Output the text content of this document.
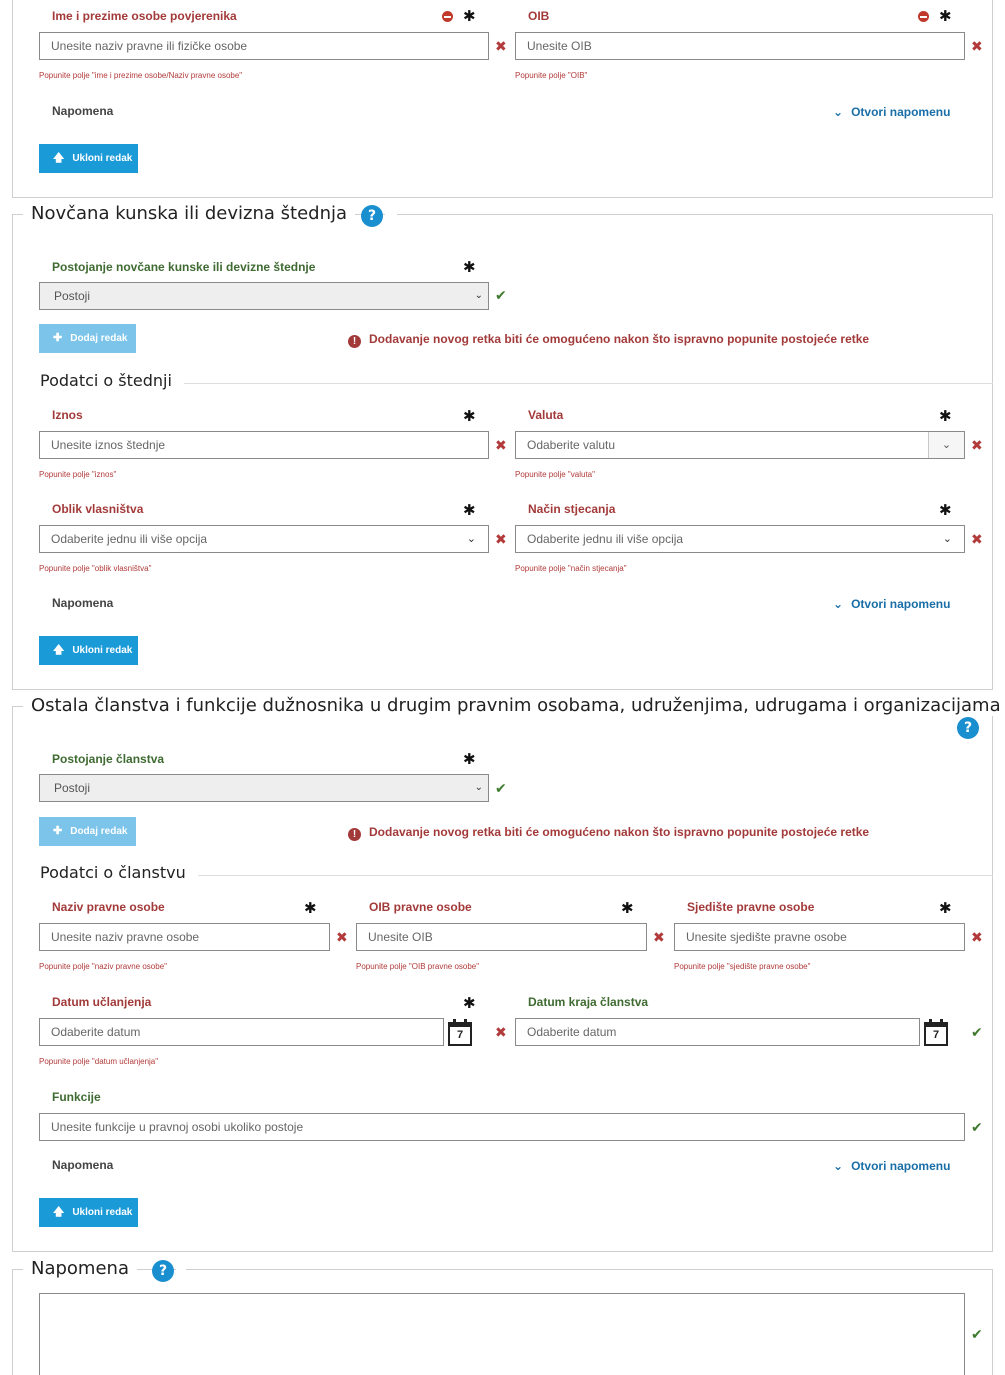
Ime i prezime osobe povjerenika	✱
Unesite naziv pravne ili fizičke osobe	✖
Popunite polje "ime i prezime osobe/Naziv pravne osobe"
OIB	✱
Unesite OIB	✖
Popunite polje "OIB"
Napomena	⌄ Otvori napomenu
🡅 Ukloni redak
Novčana kunska ili devizna štednja	?
Postojanje novčane kunske ili devizne štednje	✱
Postoji	⌄ ✔
✚ Dodaj redak	! Dodavanje novog retka biti će omogućeno nakon što ispravno popunite postojeće retke
Podatci o štednji
Iznos	✱
Unesite iznos štednje	✖
Popunite polje "iznos"
Valuta	✱
Odaberite valutu	⌄	✖
Popunite polje "valuta"
Oblik vlasništva	✱
Odaberite jednu ili više opcija	⌄ ✖
Popunite polje "oblik vlasništva"
Način stjecanja	✱
Odaberite jednu ili više opcija	⌄ ✖
Popunite polje "način stjecanja"
Napomena	⌄ Otvori napomenu
🡅 Ukloni redak
Ostala članstva i funkcije dužnosnika u drugim pravnim osobama, udruženjima, udrugama i organizacijama
?
Postojanje članstva	✱
Postoji	⌄ ✔
✚ Dodaj redak	! Dodavanje novog retka biti će omogućeno nakon što ispravno popunite postojeće retke
Podatci o članstvu
Naziv pravne osobe	✱
Unesite naziv pravne osobe	✖
Popunite polje "naziv pravne osobe"
OIB pravne osobe	✱
Unesite OIB	✖
Popunite polje "OIB pravne osobe"
Sjedište pravne osobe	✱
Unesite sjedište pravne osobe	✖
Popunite polje "sjedište pravne osobe"
Datum učlanjenja	✱
Odaberite datum	7	✖
Popunite polje "datum učlanjenja"
Datum kraja članstva
Odaberite datum	7	✔
Funkcije
Unesite funkcije u pravnoj osobi ukoliko postoje	✔
Napomena	⌄ Otvori napomenu
🡅 Ukloni redak
Napomena	?
✔
